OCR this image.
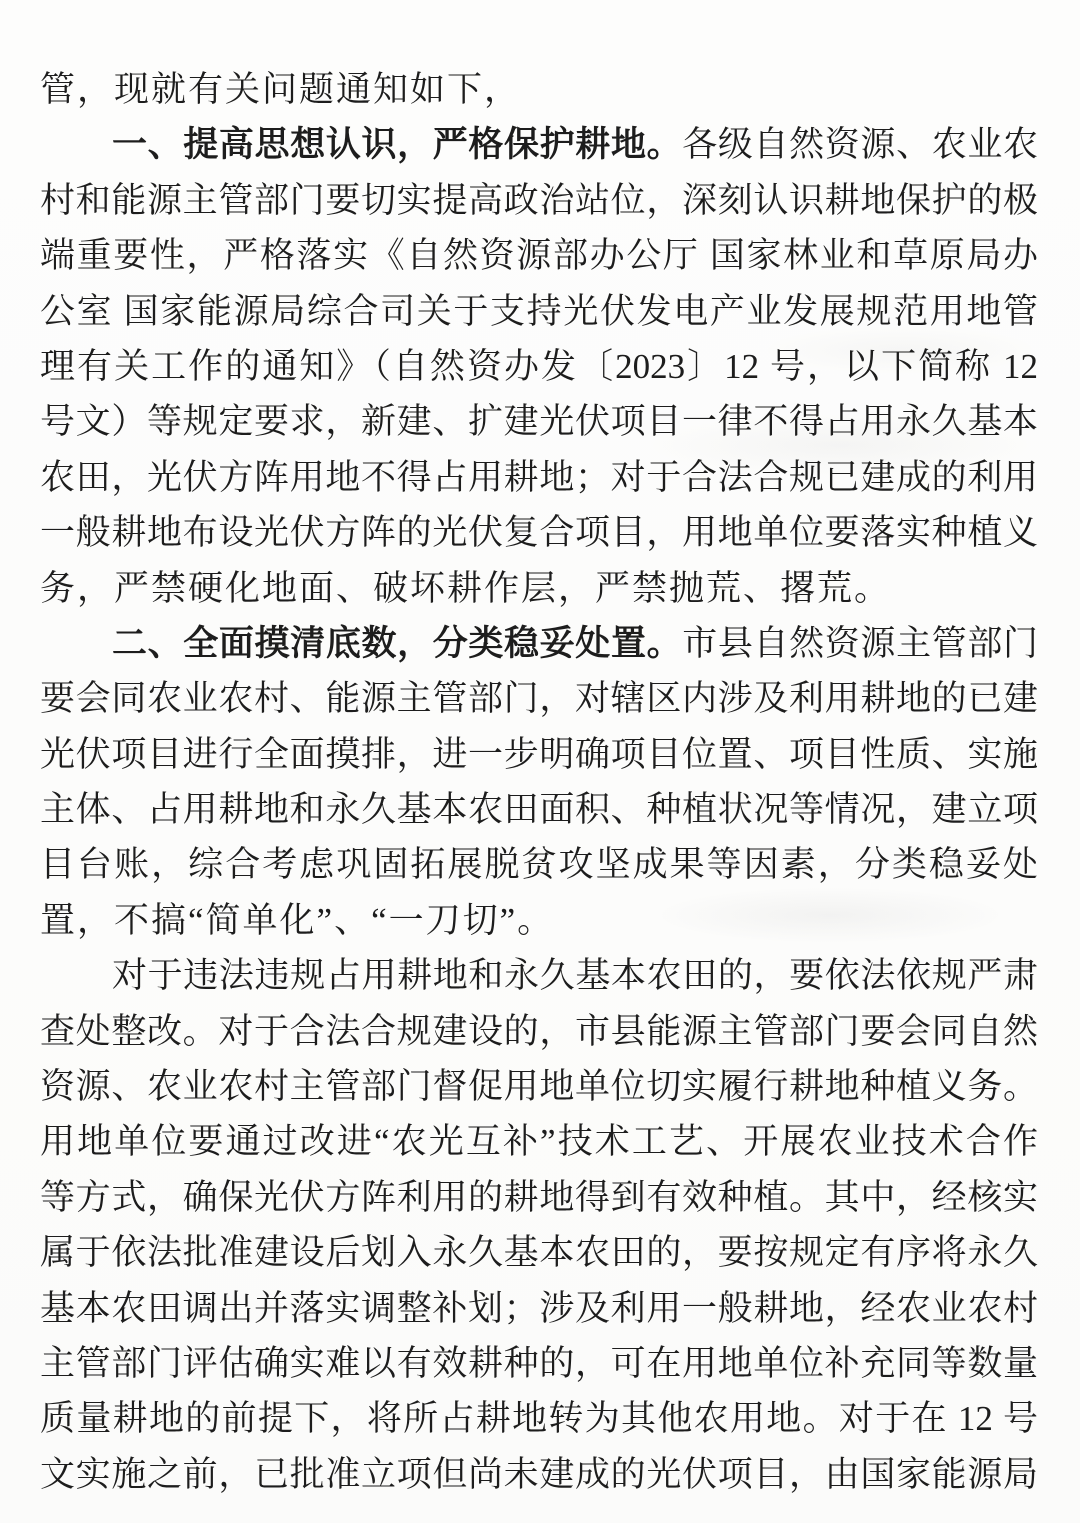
管，现就有关问题通知如下，
一、提高思想认识，严格保护耕地。各级自然资源、农业农
村和能源主管部门要切实提高政治站位，深刻认识耕地保护的极
端重要性，严格落实《自然资源部办公厅 国家林业和草原局办
公室 国家能源局综合司关于支持光伏发电产业发展规范用地管
理有关工作的通知》（自然资办发〔2023〕12 号，以下简称 12
号文）等规定要求，新建、扩建光伏项目一律不得占用永久基本
农田，光伏方阵用地不得占用耕地；对于合法合规已建成的利用
一般耕地布设光伏方阵的光伏复合项目，用地单位要落实种植义
务，严禁硬化地面、破坏耕作层，严禁抛荒、撂荒。
二、全面摸清底数，分类稳妥处置。市县自然资源主管部门
要会同农业农村、能源主管部门，对辖区内涉及利用耕地的已建
光伏项目进行全面摸排，进一步明确项目位置、项目性质、实施
主体、占用耕地和永久基本农田面积、种植状况等情况，建立项
目台账，综合考虑巩固拓展脱贫攻坚成果等因素，分类稳妥处
置，不搞“简单化”、“一刀切”。
对于违法违规占用耕地和永久基本农田的，要依法依规严肃
查处整改。对于合法合规建设的，市县能源主管部门要会同自然
资源、农业农村主管部门督促用地单位切实履行耕地种植义务。
用地单位要通过改进“农光互补”技术工艺、开展农业技术合作
等方式，确保光伏方阵利用的耕地得到有效种植。其中，经核实
属于依法批准建设后划入永久基本农田的，要按规定有序将永久
基本农田调出并落实调整补划；涉及利用一般耕地，经农业农村
主管部门评估确实难以有效耕种的，可在用地单位补充同等数量
质量耕地的前提下，将所占耕地转为其他农用地。对于在 12 号
文实施之前，已批准立项但尚未建成的光伏项目，由国家能源局
